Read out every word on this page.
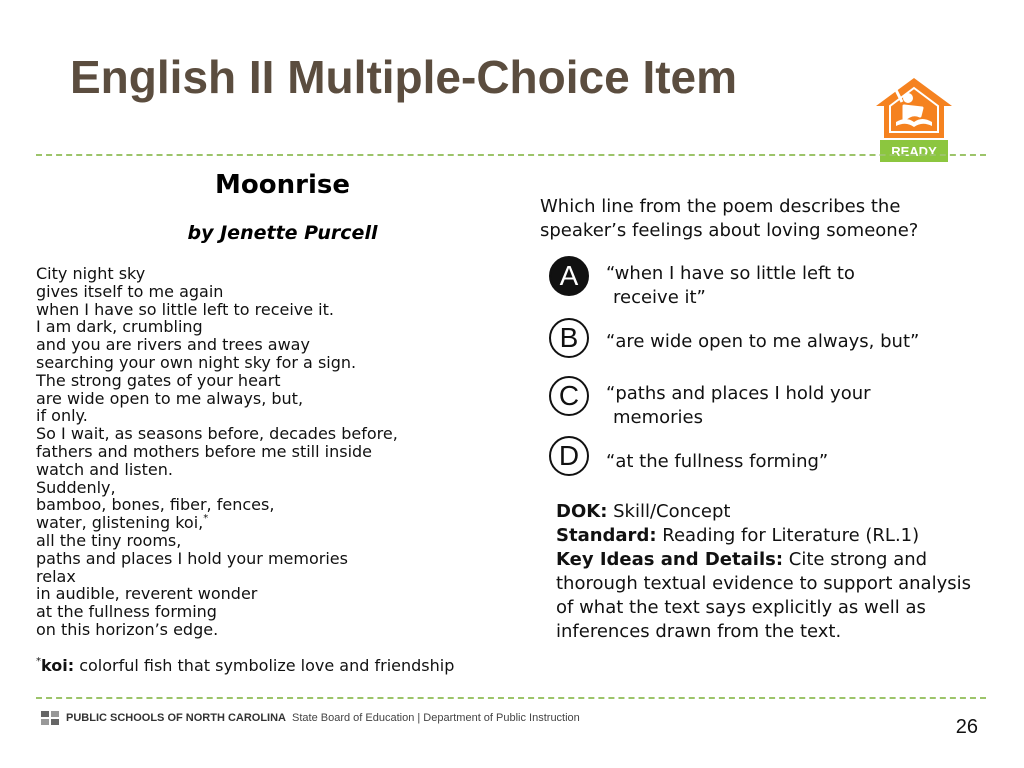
English II Multiple-Choice Item
READY
Moonrise
by Jenette Purcell
City night sky
gives itself to me again
when I have so little left to receive it.
I am dark, crumbling
and you are rivers and trees away
searching your own night sky for a sign.
The strong gates of your heart
are wide open to me always, but,
if only.
So I wait, as seasons before, decades before,
fathers and mothers before me still inside
watch and listen.
Suddenly,
bamboo, bones, fiber, fences,
water, glistening koi,*
all the tiny rooms,
paths and places I hold your memories
relax
in audible, reverent wonder
at the fullness forming
on this horizon’s edge.
*koi: colorful fish that symbolize love and friendship
Which line from the poem describes the speaker’s feelings about loving someone?
A	“when I have so little left to
receive it”
B	“are wide open to me always, but”
C	“paths and places I hold your
memories
D	“at the fullness forming”
DOK: Skill/Concept
Standard: Reading for Literature (RL.1)
Key Ideas and Details: Cite strong and thorough textual evidence to support analysis of what the text says explicitly as well as inferences drawn from the text.
PUBLIC SCHOOLS OF NORTH CAROLINA State Board of Education | Department of Public Instruction	26
